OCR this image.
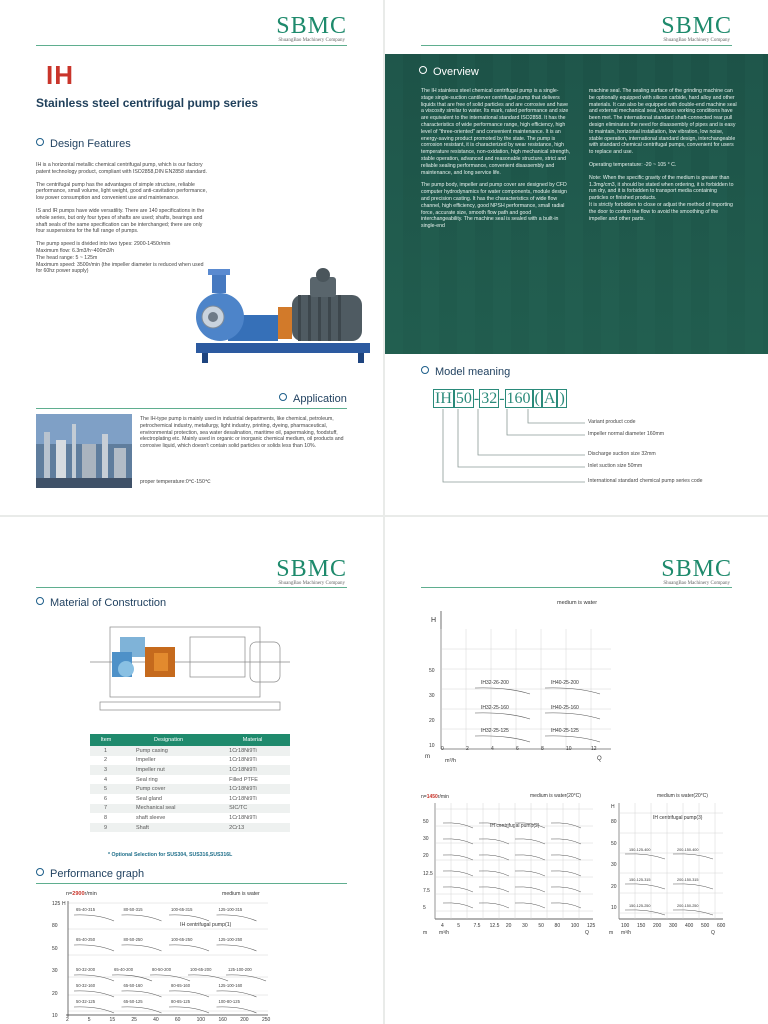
SBMC
ShuangBao Machinery Company
IH
Stainless steel centrifugal pump series
Design Features

IH is a horizontal metallic chemical centrifugal pump, which is our factory patent technology product, compliant with ISO2858,DIN EN2858 standard.

The centrifugal pump has the advantages of simple structure, reliable performance, small volume, light weight, good anti-cavitation performance, low power consumption and convenient use and maintenance.

IS and IR pumps have wide versatility. There are 140 specifications in the whole series, but only four types of shafts are used; shafts, bearings and shaft seals of the same specification can be interchanged; there are only four suspensions for the full range of pumps.

The pump speed is divided into two types: 2900-1450r/min
Maximum flow: 6.3m3/h~400m3/h
The head range: 5 ~ 125m
Maximum speed: 3500r/min (the impeller diameter is reduced when used for 60hz power supply)

Application

The IH-type pump is mainly used in industrial departments, like chemical, petroleum, petrochemical industry, metallurgy, light industry, printing, dyeing, pharmaceutical, environmental protection, sea water desalination, maritime oil, papermaking, foodstuff, electroplating etc. Mainly used in organic or inorganic chemical medium, oil products and corrosive liquid, which doesn't contain solid particles or solids less than 10%.

proper temperature:0℃-150℃
SBMC
ShuangBao Machinery Company
Overview

The IH stainless steel chemical centrifugal pump is a single-stage single-suction cantilever centrifugal pump that delivers liquids that are free of solid particles and are corrosive and have a viscosity similar to water. Its mark, rated performance and size are equivalent to the international standard ISO2858. It has the characteristics of wide performance range, high efficiency, high level of "three-oriented" and convenient maintenance. It is an energy-saving product promoted by the state. The pump is corrosion resistant, it is characterized by wear resistance, high temperature resistance, non-oxidation, high mechanical strength, stable operation, advanced and reasonable structure, strict and reliable sealing performance, convenient disassembly and maintenance, and long service life.

The pump body, impeller and pump cover are designed by CFD computer hydrodynamics for water components, module design and precision casting. It has the characteristics of wide flow channel, high efficiency, good NPSH performance, small radial force, accurate size, smooth flow path and good interchangeability. The machine seal is sealed with a built-in single-end

machine seal. The sealing surface of the grinding machine can be optionally equipped with silicon carbide, hard alloy and other materials. It can also be equipped with double-end machine seal and external mechanical seal, various working conditions have been met. The international standard shaft-connected rear pull design eliminates the need for disassembly of pipes and is easy to maintain, horizontal installation, low vibration, low noise, stable operation, international standard design, interchangeable with standard chemical centrifugal pumps, convenient for users to replace and use.

Operating temperature: -20 ~ 105 ° C.

Note: When the specific gravity of the medium is greater than 1.3mg/cm3, it should be stated when ordering, it is forbidden to run dry, and it is forbidden to transport media containing particles or finished products.
It is strictly forbidden to close or adjust the method of importing the door to control the flow to avoid the smoothing of the impeller and other parts.

Model meaning
IH 50 - 32 - 160 ( A )
Variant product code
Impeller normal diameter 160mm
Discharge suction size 32mm
Inlet suction size 50mm
International standard chemical pump series code
SBMC
ShuangBao Machinery Company
Material of Construction
Item	Designation	Material
1	Pump casing	1Cr18Ni9Ti
2	Impeller	1Cr18Ni9Ti
3	Impeller nut	1Cr18Ni9Ti
4	Seal ring	Filled PTFE
5	Pump cover	1Cr18Ni9Ti
6	Seal gland	1Cr18Ni9Ti
7	Mechanical seal	SIC/TC
8	shaft sleeve	1Cr18Ni9Ti
9	Shaft	2Cr13
* Optional Selection for SUS304, SUS316,SUS316L
Performance graph
n=2900r/min	medium is water
65-40-315	80-50-315	100-65-315	125-100-315
65-40-250	80-50-250	100-65-250	125-100-250
50-32-200	65-40-200	80-50-200	100-65-200	125-100-200
50-32-160	65-50-160	80-65-160	125-100-160
50-32-125	65-50-125	80-65-125	100-80-125
H
IH centrifugal pump(1)
125
80
50
30
20
10
2	5	15	25	40	60	100	160	200	250
SBMC
ShuangBao Machinery Company
medium is water
H
IH32-26-200	IH40-25-200
IH32-25-160	IH40-25-160
IH32-25-125	IH40-25-125
50
30
20
10 0	2	4	6	8	10	12
m
m³/h	Q
n=1450r/min	medium is water(20°C)
IH centrifugal pump(2)
50
30
20
12.5
7.5
5
4	5	7.5 12.5 20 30 50 80 100 125
m m³/h	Q
medium is water(20°C)
H
IH centrifugal pump(3)
150-125-400	200-150-400
150-125-315	200-150-315
150-125-250	200-150-250
80
50
30
20
10
100 150 200 300 400 500 600
m m³/h	Q
